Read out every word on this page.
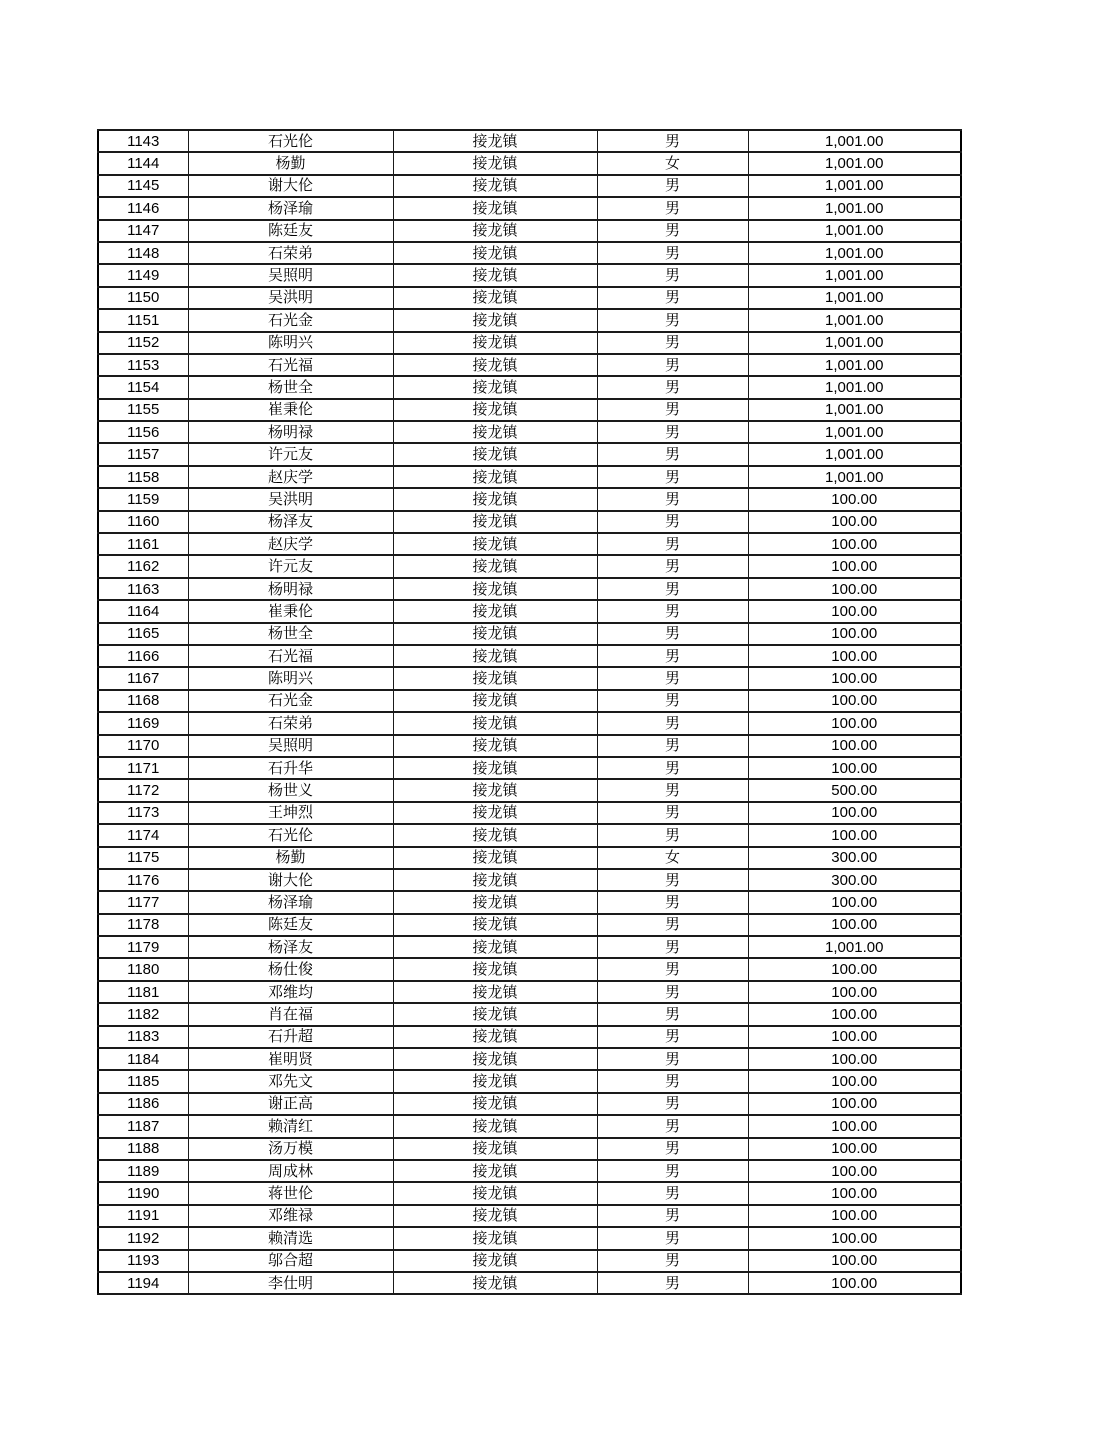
1143	石光伦	接龙镇	男	1,001.00
1144	杨勤	接龙镇	女	1,001.00
1145	谢大伦	接龙镇	男	1,001.00
1146	杨泽瑜	接龙镇	男	1,001.00
1147	陈廷友	接龙镇	男	1,001.00
1148	石荣弟	接龙镇	男	1,001.00
1149	吴照明	接龙镇	男	1,001.00
1150	吴洪明	接龙镇	男	1,001.00
1151	石光金	接龙镇	男	1,001.00
1152	陈明兴	接龙镇	男	1,001.00
1153	石光福	接龙镇	男	1,001.00
1154	杨世全	接龙镇	男	1,001.00
1155	崔秉伦	接龙镇	男	1,001.00
1156	杨明禄	接龙镇	男	1,001.00
1157	许元友	接龙镇	男	1,001.00
1158	赵庆学	接龙镇	男	1,001.00
1159	吴洪明	接龙镇	男	100.00
1160	杨泽友	接龙镇	男	100.00
1161	赵庆学	接龙镇	男	100.00
1162	许元友	接龙镇	男	100.00
1163	杨明禄	接龙镇	男	100.00
1164	崔秉伦	接龙镇	男	100.00
1165	杨世全	接龙镇	男	100.00
1166	石光福	接龙镇	男	100.00
1167	陈明兴	接龙镇	男	100.00
1168	石光金	接龙镇	男	100.00
1169	石荣弟	接龙镇	男	100.00
1170	吴照明	接龙镇	男	100.00
1171	石升华	接龙镇	男	100.00
1172	杨世义	接龙镇	男	500.00
1173	王坤烈	接龙镇	男	100.00
1174	石光伦	接龙镇	男	100.00
1175	杨勤	接龙镇	女	300.00
1176	谢大伦	接龙镇	男	300.00
1177	杨泽瑜	接龙镇	男	100.00
1178	陈廷友	接龙镇	男	100.00
1179	杨泽友	接龙镇	男	1,001.00
1180	杨仕俊	接龙镇	男	100.00
1181	邓维均	接龙镇	男	100.00
1182	肖在福	接龙镇	男	100.00
1183	石升超	接龙镇	男	100.00
1184	崔明贤	接龙镇	男	100.00
1185	邓先文	接龙镇	男	100.00
1186	谢正高	接龙镇	男	100.00
1187	赖清红	接龙镇	男	100.00
1188	汤万模	接龙镇	男	100.00
1189	周成林	接龙镇	男	100.00
1190	蒋世伦	接龙镇	男	100.00
1191	邓维禄	接龙镇	男	100.00
1192	赖清选	接龙镇	男	100.00
1193	邬合超	接龙镇	男	100.00
1194	李仕明	接龙镇	男	100.00
